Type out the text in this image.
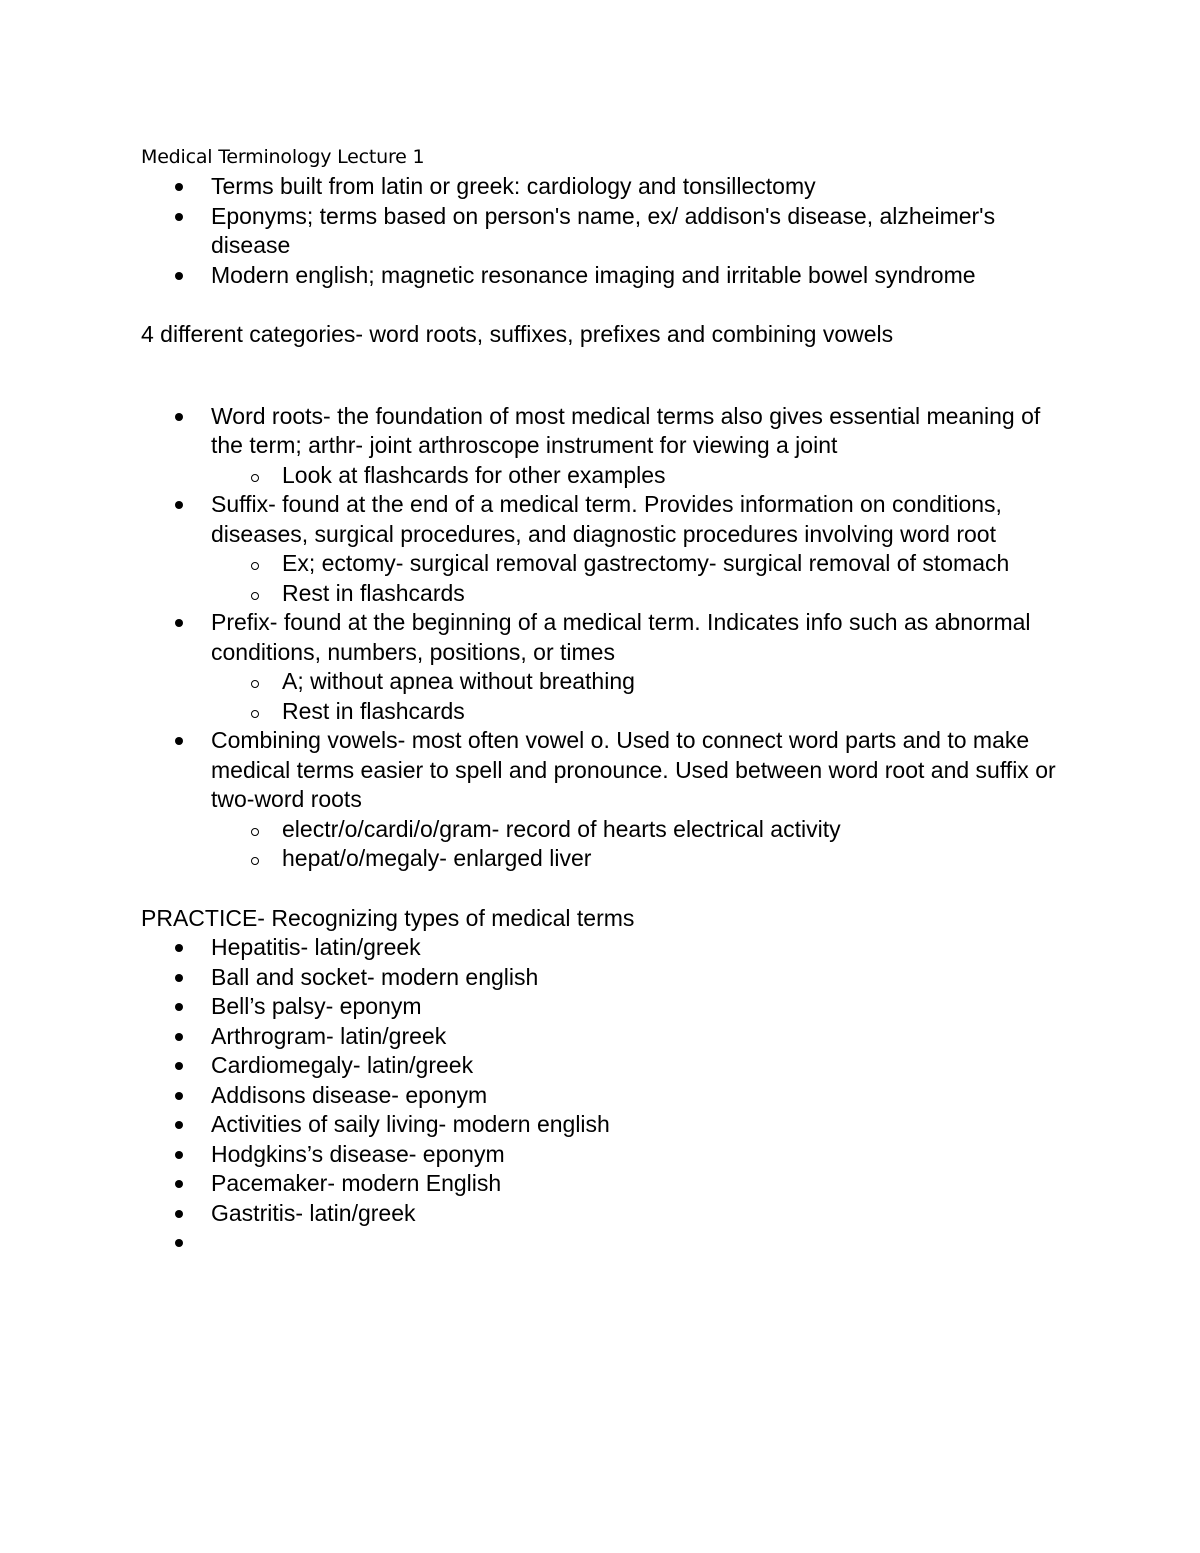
Medical Terminology Lecture 1

Terms built from latin or greek: cardiology and tonsillectomy
Eponyms; terms based on person's name, ex/ addison's disease, alzheimer's disease
Modern english; magnetic resonance imaging and irritable bowel syndrome

4 different categories- word roots, suffixes, prefixes and combining vowels

Word roots- the foundation of most medical terms also gives essential meaning of the term; arthr- joint arthroscope instrument for viewing a joint
Look at flashcards for other examples
Suffix- found at the end of a medical term. Provides information on conditions, diseases, surgical procedures, and diagnostic procedures involving word root
Ex; ectomy- surgical removal gastrectomy- surgical removal of stomach
Rest in flashcards
Prefix- found at the beginning of a medical term. Indicates info such as abnormal conditions, numbers, positions, or times
A; without apnea without breathing
Rest in flashcards
Combining vowels- most often vowel o. Used to connect word parts and to make medical terms easier to spell and pronounce. Used between word root and suffix or two-word roots
electr/o/cardi/o/gram- record of hearts electrical activity
hepat/o/megaly- enlarged liver

PRACTICE- Recognizing types of medical terms

Hepatitis- latin/greek
Ball and socket- modern english
Bell’s palsy- eponym
Arthrogram- latin/greek
Cardiomegaly- latin/greek
Addisons disease- eponym
Activities of saily living- modern english
Hodgkins’s disease- eponym
Pacemaker- modern English
Gastritis- latin/greek
